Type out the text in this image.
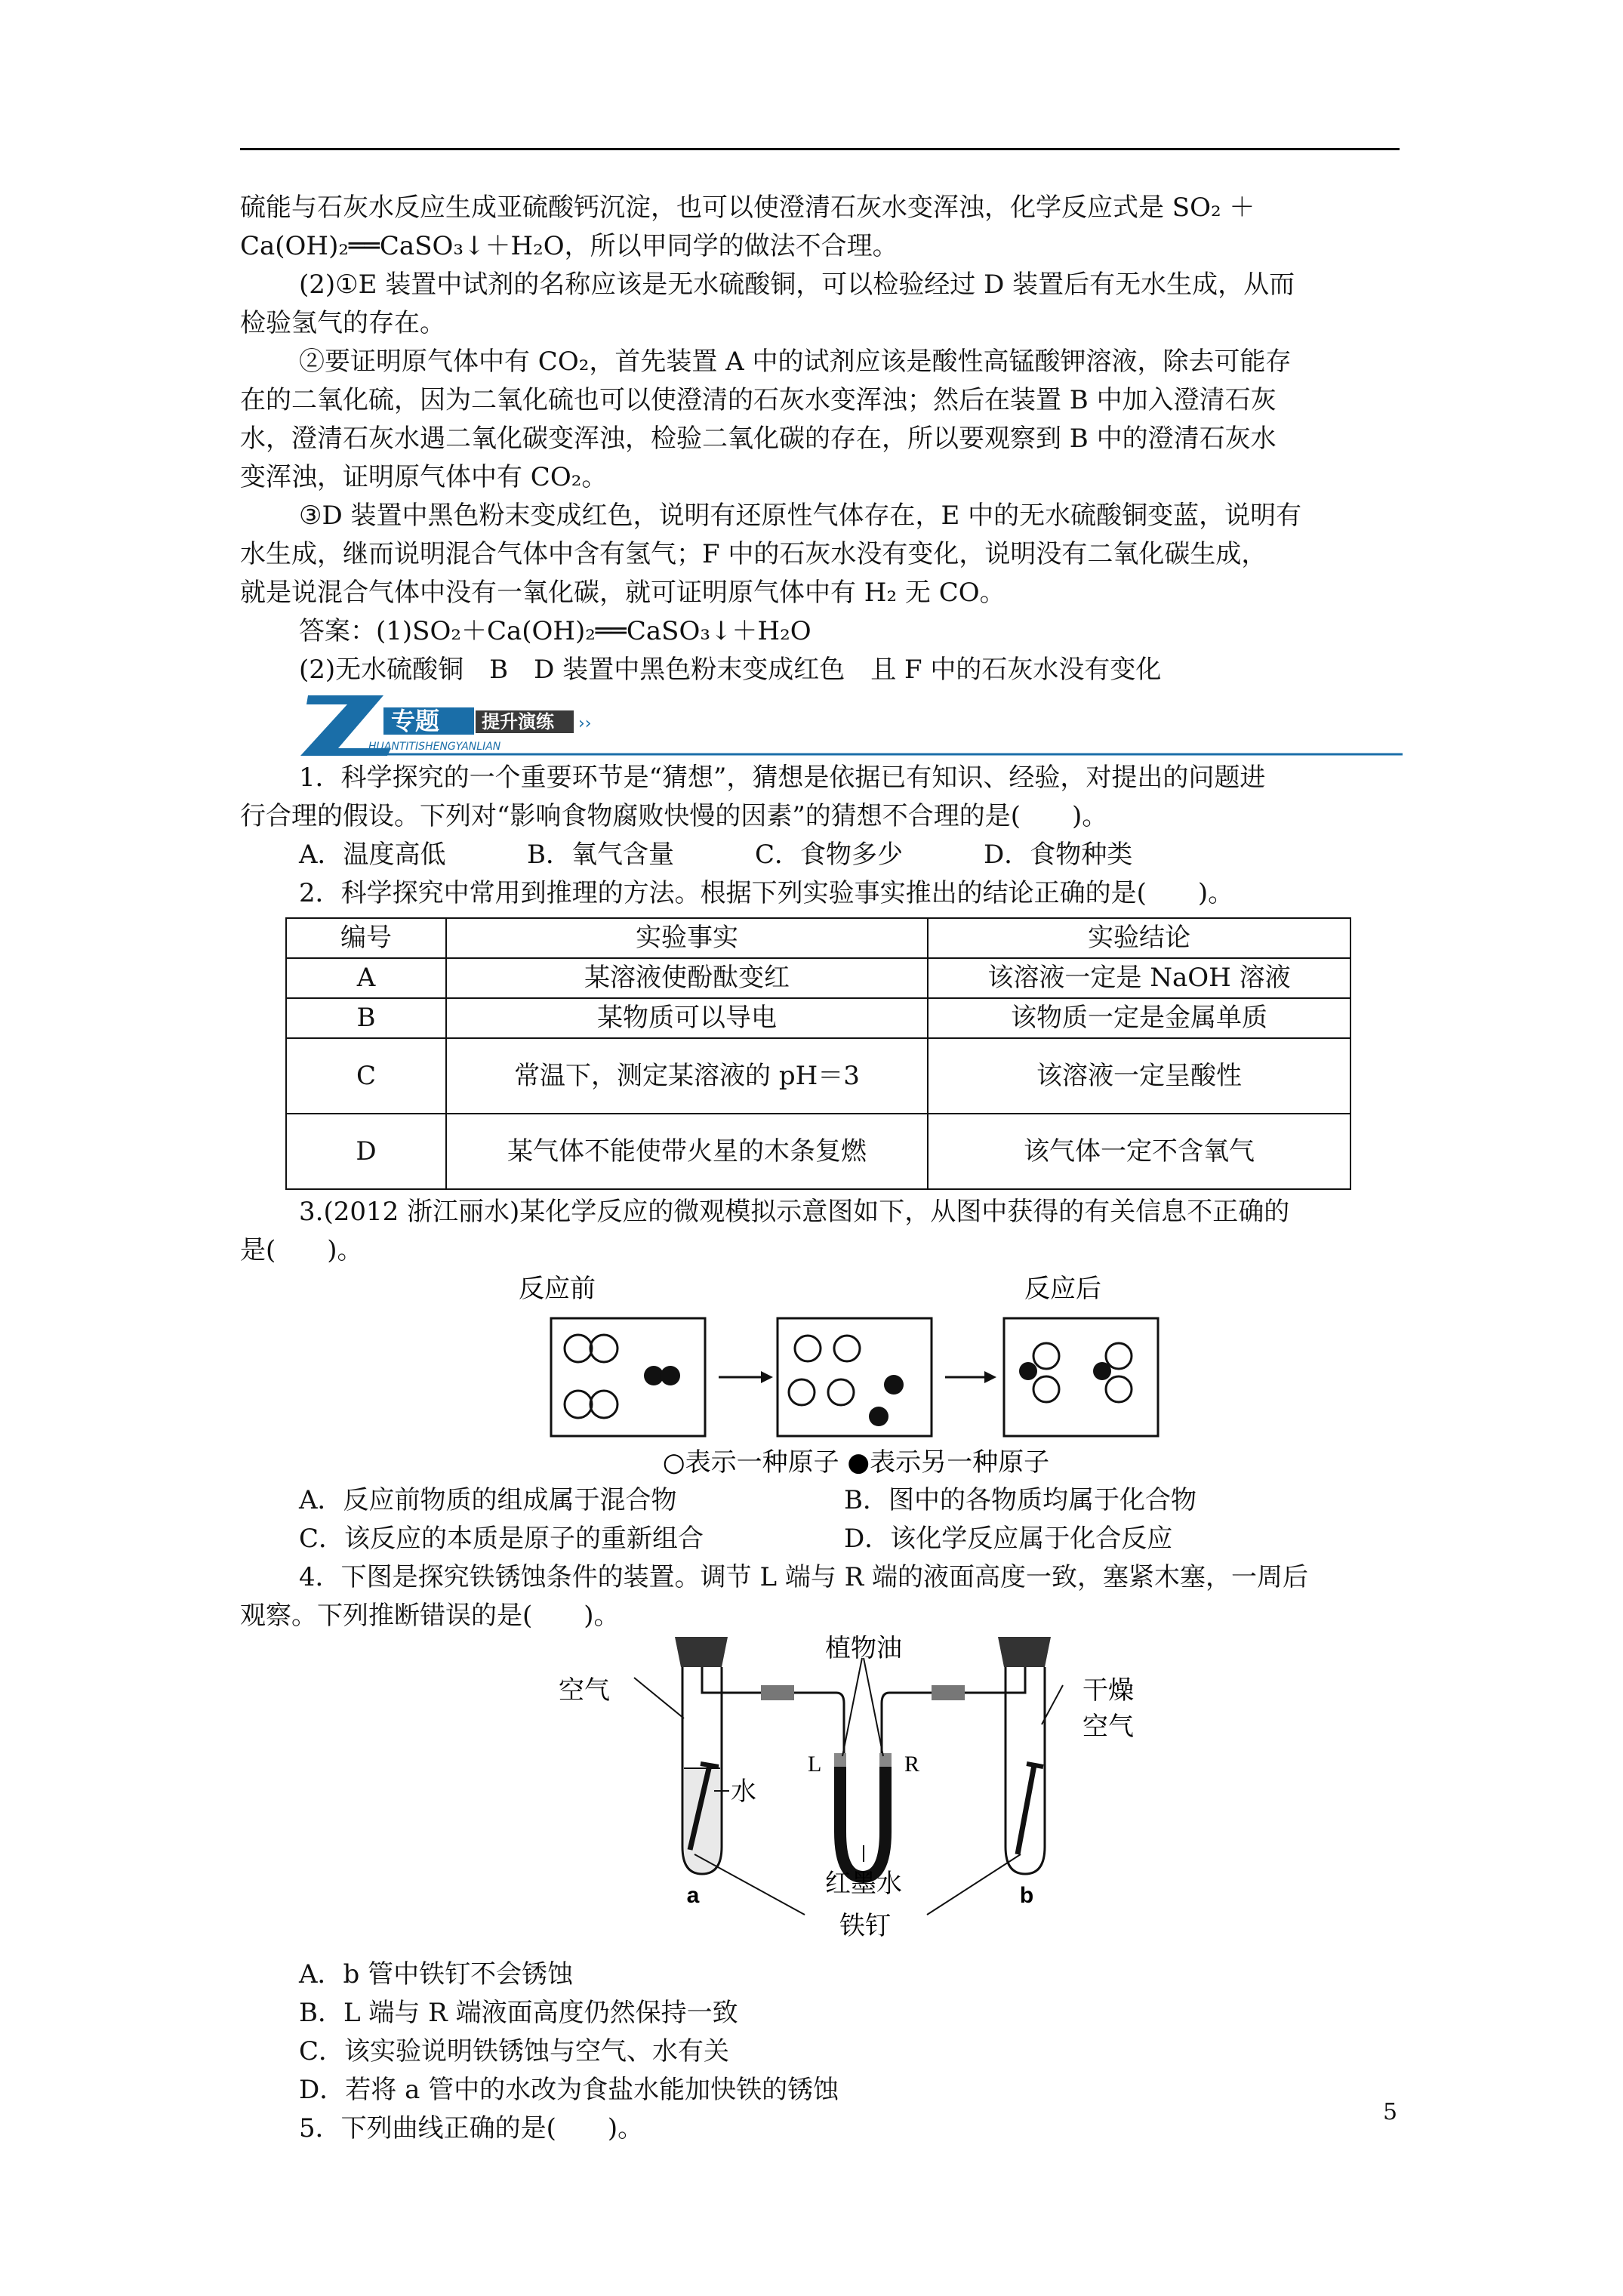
硫能与石灰水反应生成亚硫酸钙沉淀，也可以使澄清石灰水变浑浊，化学反应式是 SO₂ ＋
Ca(OH)₂══CaSO₃↓＋H₂O，所以甲同学的做法不合理。
(2)①E 装置中试剂的名称应该是无水硫酸铜，可以检验经过 D 装置后有无水生成，从而
检验氢气的存在。
②要证明原气体中有 CO₂，首先装置 A 中的试剂应该是酸性高锰酸钾溶液，除去可能存
在的二氧化硫，因为二氧化硫也可以使澄清的石灰水变浑浊；然后在装置 B 中加入澄清石灰
水，澄清石灰水遇二氧化碳变浑浊，检验二氧化碳的存在，所以要观察到 B 中的澄清石灰水
变浑浊，证明原气体中有 CO₂。
③D 装置中黑色粉末变成红色，说明有还原性气体存在，E 中的无水硫酸铜变蓝，说明有
水生成，继而说明混合气体中含有氢气；F 中的石灰水没有变化，说明没有二氧化碳生成，
就是说混合气体中没有一氧化碳，就可证明原气体中有 H₂ 无 CO。
答案：(1)SO₂＋Ca(OH)₂══CaSO₃↓＋H₂O
(2)无水硫酸铜　B　D 装置中黑色粉末变成红色　且 F 中的石灰水没有变化
专题 提升演练 ››
HUANTITISHENGYANLIAN
1．科学探究的一个重要环节是“猜想”，猜想是依据已有知识、经验，对提出的问题进
行合理的假设。下列对“影响食物腐败快慢的因素”的猜想不合理的是(　　)。
A．温度高低	B．氧气含量	C．食物多少	D．食物种类
2．科学探究中常用到推理的方法。根据下列实验事实推出的结论正确的是(　　)。
编号	实验事实	实验结论
A	某溶液使酚酞变红	该溶液一定是 NaOH 溶液
B	某物质可以导电	该物质一定是金属单质
C	常温下，测定某溶液的 pH＝3	该溶液一定呈酸性
D	某气体不能使带火星的木条复燃	该气体一定不含氧气
3.(2012 浙江丽水)某化学反应的微观模拟示意图如下，从图中获得的有关信息不正确的
是(　　)。
反应前	反应后
○表示一种原子 ●表示另一种原子
A．反应前物质的组成属于混合物	B．图中的各物质均属于化合物
C．该反应的本质是原子的重新组合	D．该化学反应属于化合反应
4．下图是探究铁锈蚀条件的装置。调节 L 端与 R 端的液面高度一致，塞紧木塞，一周后
观察。下列推断错误的是(　　)。
植物油
空气	干燥
空气
水
L	R
a	b
红墨水
铁钉
A．b 管中铁钉不会锈蚀
B．L 端与 R 端液面高度仍然保持一致
C．该实验说明铁锈蚀与空气、水有关
D．若将 a 管中的水改为食盐水能加快铁的锈蚀
5．下列曲线正确的是(　　)。
5
